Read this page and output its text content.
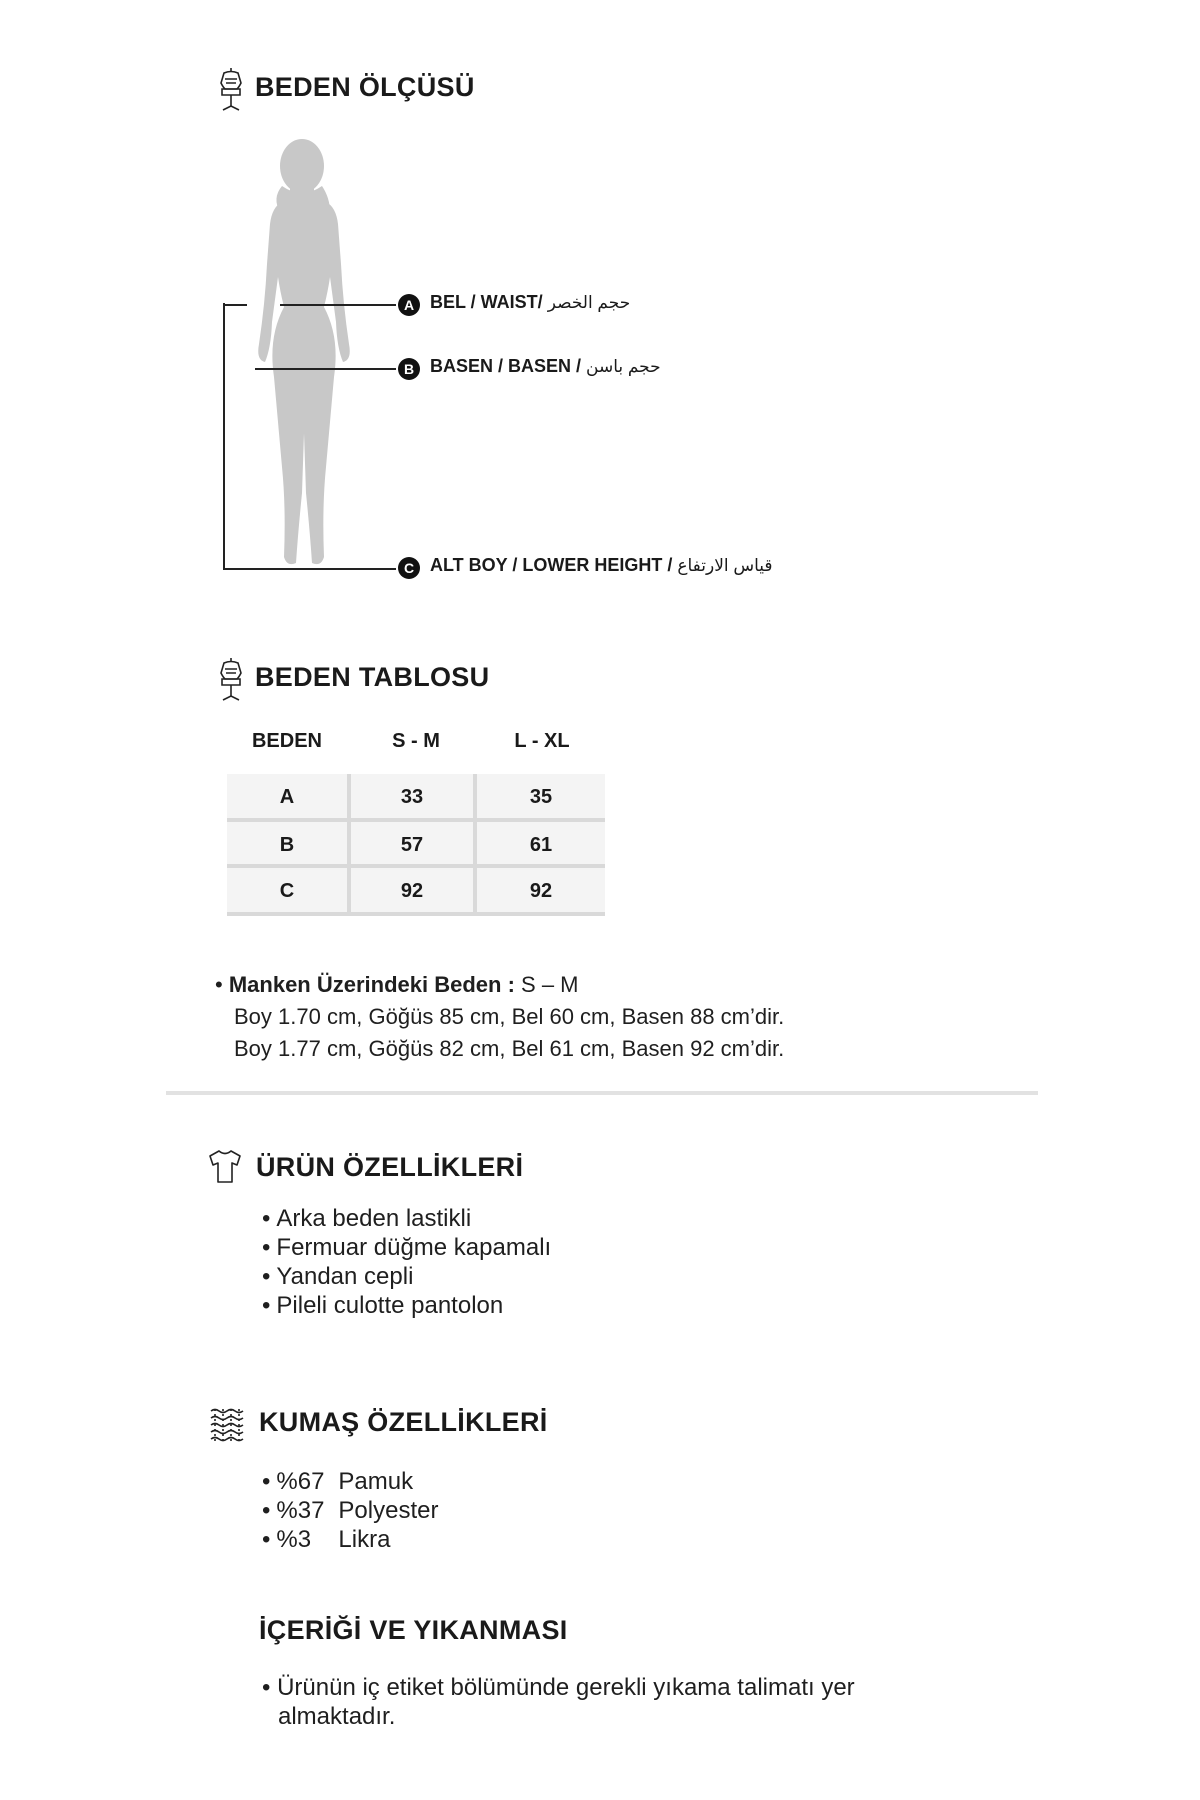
BEDEN ÖLÇÜSÜ
A BEL / WAIST/ حجم الخصر
B BASEN / BASEN / حجم باسن
C ALT BOY / LOWER HEIGHT / قياس الارتفاع
BEDEN TABLOSU
BEDEN	S - M	L - XL
A	33	35
B	57	61
C	92	92
• Manken Üzerindeki Beden : S – M
Boy 1.70 cm, Göğüs 85 cm, Bel 60 cm, Basen 88 cm’dir.
Boy 1.77 cm, Göğüs 82 cm, Bel 61 cm, Basen 92 cm’dir.
ÜRÜN ÖZELLİKLERİ
• Arka beden lastikli
• Fermuar düğme kapamalı
• Yandan cepli
• Pileli culotte pantolon
KUMAŞ ÖZELLİKLERİ
• %67 Pamuk
• %37 Polyester
• %3 Likra
İÇERİĞİ VE YIKANMASI
• Ürünün iç etiket bölümünde gerekli yıkama talimatı yer
almaktadır.
